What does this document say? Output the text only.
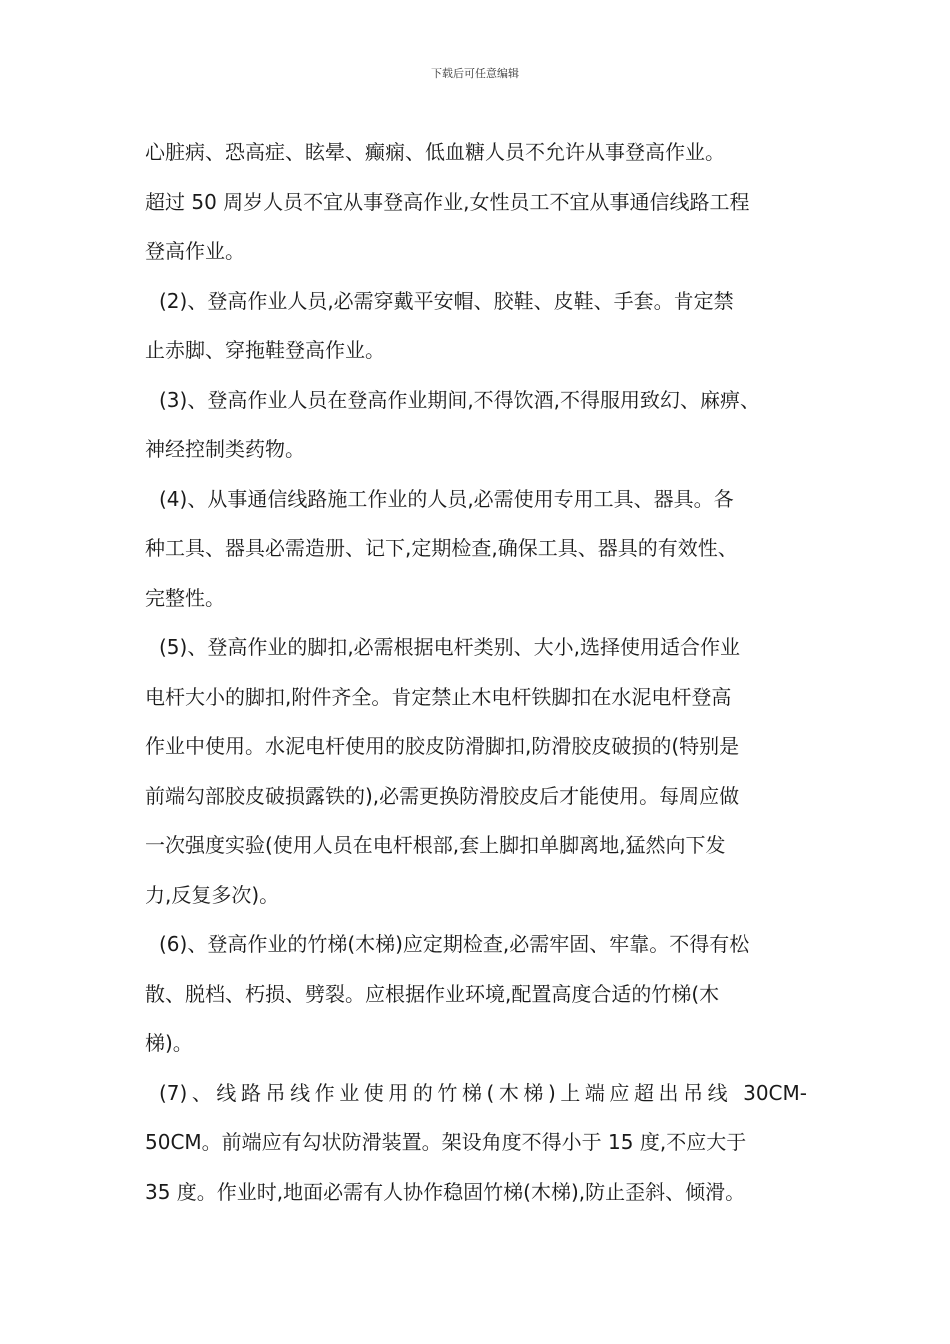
下载后可任意编辑
心脏病、恐高症、眩晕、癫痫、低血糖人员不允许从事登高作业。
超过 50 周岁人员不宜从事登高作业,女性员工不宜从事通信线路工程
登高作业。
(2)、登高作业人员,必需穿戴平安帽、胶鞋、皮鞋、手套。肯定禁
止赤脚、穿拖鞋登高作业。
(3)、登高作业人员在登高作业期间,不得饮酒,不得服用致幻、麻痹、
神经控制类药物。
(4)、从事通信线路施工作业的人员,必需使用专用工具、器具。各
种工具、器具必需造册、记下,定期检查,确保工具、器具的有效性、
完整性。
(5)、登高作业的脚扣,必需根据电杆类别、大小,选择使用适合作业
电杆大小的脚扣,附件齐全。肯定禁止木电杆铁脚扣在水泥电杆登高
作业中使用。水泥电杆使用的胶皮防滑脚扣,防滑胶皮破损的(特别是
前端勾部胶皮破损露铁的),必需更换防滑胶皮后才能使用。每周应做
一次强度实验(使用人员在电杆根部,套上脚扣单脚离地,猛然向下发
力,反复多次)。
(6)、登高作业的竹梯(木梯)应定期检查,必需牢固、牢靠。不得有松
散、脱档、朽损、劈裂。应根据作业环境,配置高度合适的竹梯(木
梯)。
(7)、线路吊线作业使用的竹梯(木梯)上端应超出吊线 30CM-
50CM。前端应有勾状防滑装置。架设角度不得小于 15 度,不应大于
35 度。作业时,地面必需有人协作稳固竹梯(木梯),防止歪斜、倾滑。
